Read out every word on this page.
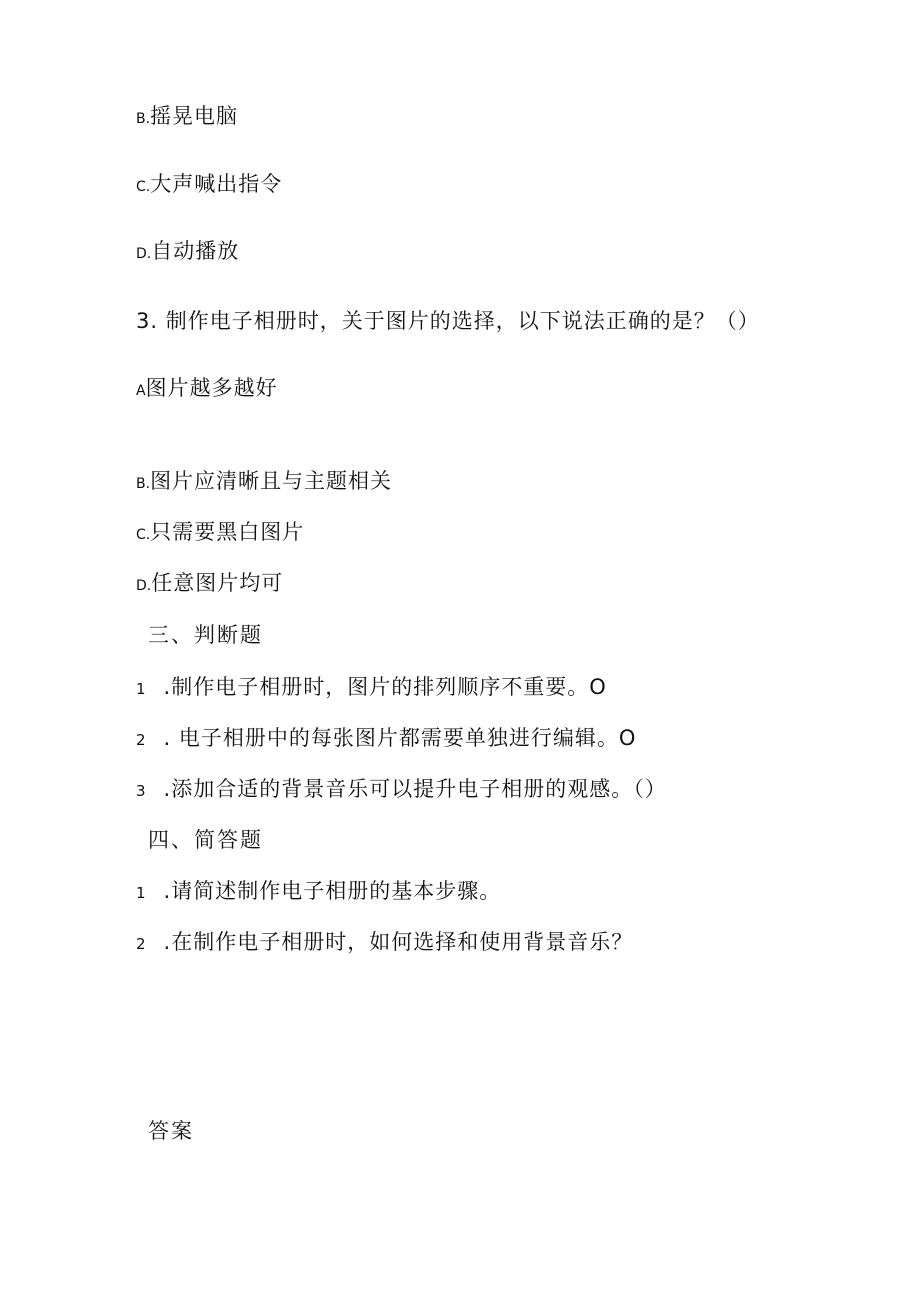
B.摇晃电脑
C.大声喊出指令
D.自动播放
3. 制作电子相册时，关于图片的选择，以下说法正确的是？（）
A图片越多越好
B.图片应清晰且与主题相关
C.只需要黑白图片
D.任意图片均可
三、判断题
1 .制作电子相册时，图片的排列顺序不重要。O
2 . 电子相册中的每张图片都需要单独进行编辑。O
3 .添加合适的背景音乐可以提升电子相册的观感。（）
四、简答题
1 .请简述制作电子相册的基本步骤。
2 .在制作电子相册时，如何选择和使用背景音乐？
答案
